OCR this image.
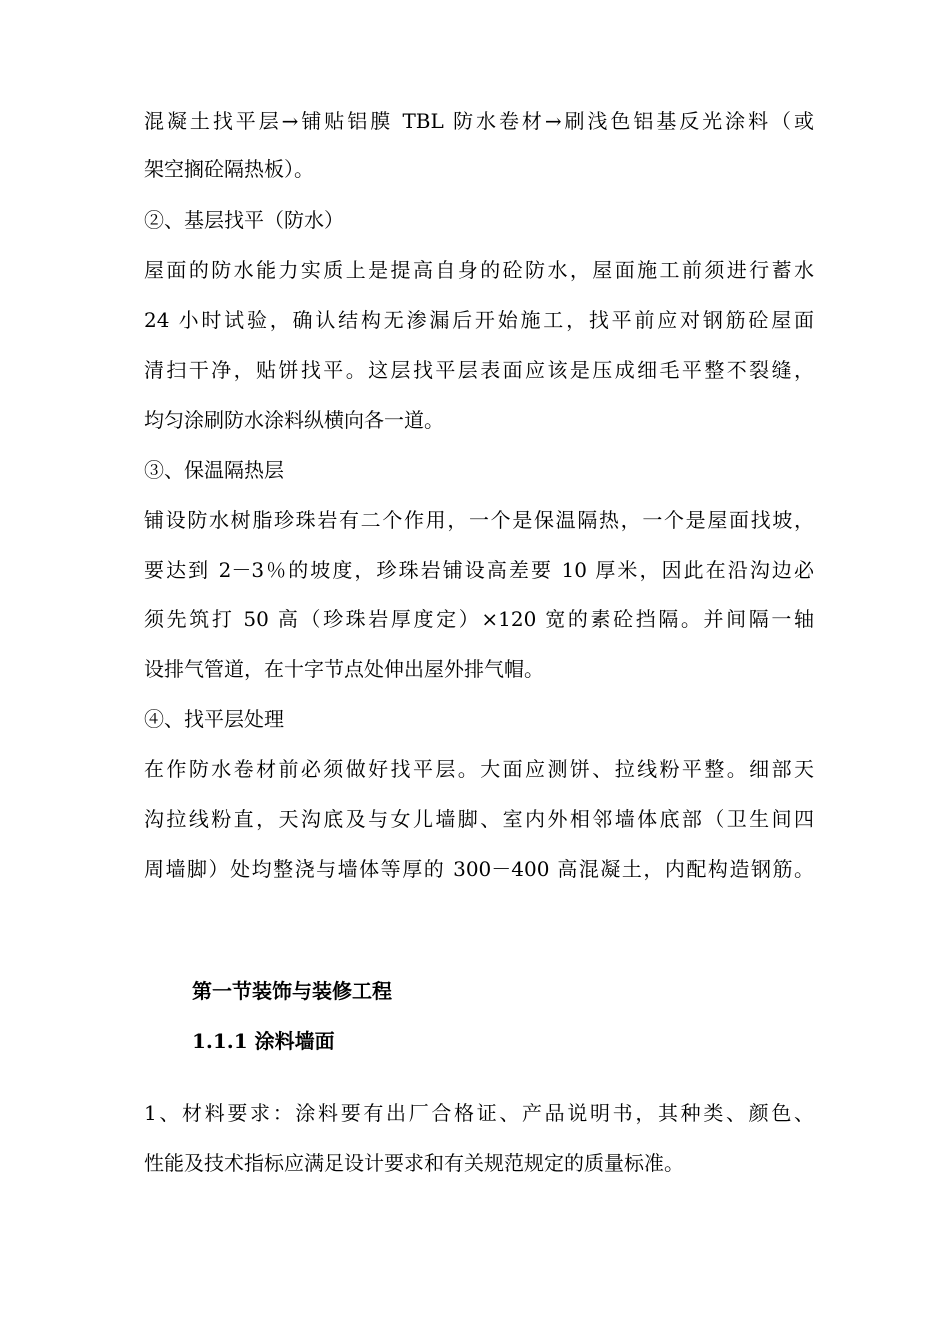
混凝土找平层→铺贴铝膜 TBL 防水卷材→刷浅色铝基反光涂料（或
架空搁砼隔热板）。
②、基层找平（防水）
屋面的防水能力实质上是提高自身的砼防水，屋面施工前须进行蓄水
24 小时试验，确认结构无渗漏后开始施工，找平前应对钢筋砼屋面
清扫干净，贴饼找平。这层找平层表面应该是压成细毛平整不裂缝，
均匀涂刷防水涂料纵横向各一道。
③、保温隔热层
铺设防水树脂珍珠岩有二个作用，一个是保温隔热，一个是屋面找坡，
要达到 2－3％的坡度，珍珠岩铺设高差要 10 厚米，因此在沿沟边必
须先筑打 50 高（珍珠岩厚度定）×120 宽的素砼挡隔。并间隔一轴
设排气管道，在十字节点处伸出屋外排气帽。
④、找平层处理
在作防水卷材前必须做好找平层。大面应测饼、拉线粉平整。细部天
沟拉线粉直，天沟底及与女儿墙脚、室内外相邻墙体底部（卫生间四
周墙脚）处均整浇与墙体等厚的 300－400 高混凝土，内配构造钢筋。
第一节装饰与装修工程
1.1.1 涂料墙面
1、材料要求：涂料要有出厂合格证、产品说明书，其种类、颜色、
性能及技术指标应满足设计要求和有关规范规定的质量标准。
